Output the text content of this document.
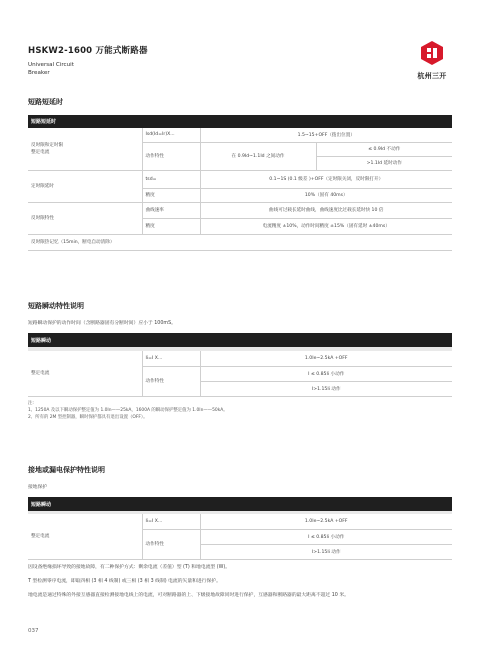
HSKW2-1600 万能式断路器
Universal Circuit
Breaker	杭州三开
短路短延时
短路短延时			
反时限和定时限
整定电流	Isd(Id=Ir)X...	1.5~15+OFF（拨出位置）	
	动作特性	在 0.9Id~1.1Id 之间动作	≤ 0.9Id 不动作
			>1.1Id 延时动作
定时限延时	tsd=	0.1~1S (0.1 级差 )+OFF（定时限关闭，反时限打开）	
	精度	10%（固有 40ms）	
反时限特性	曲线速率	曲线可过载长延时曲线，曲线速度比过载长延时快 10 倍	
	精度	电流精度 ±10%，动作时间精度 ±15%（固有延时 ±40ms）	
反时限热记忆（15min，断电自动清除）			
短路瞬动特性说明
短路瞬动保护的动作时间（含断路器固有分断时间）应小于 100mS。
短路瞬动		

整定电流	Ii=I X...	1.0Ie~2.5kA +OFF
	动作特性	I ≤ 0.85Ii 小动作
		I>1.15Ii 动作
注:
1、1250A 及以下瞬动保护整定值为 1.0In——25kA，1600A 的瞬动保护整定值为 1.0In——50kA。
2、所有的 2M 型控制器，瞬时保护都具有退出设置（OFF）。
接地或漏电保护特性说明
接地保护
短路瞬动		

整定电流	Ii=I X...	1.0Ie~2.5kA +OFF
	动作特性	I ≤ 0.85Ii 小动作
		I>1.15Ii 动作
因设备绝缘损坏导致的接地故障，有二种保护方式：剩余电流（差值）型 (T) 和地电流型 (W)。
T 型检测零序电流，即取四相 (3 相 4 线制) 或三相 (3 相 3 线制) 电流的矢量和进行保护。
地电流是通过特殊的外接互感器直接检测接地电线上的电流，可对断路器的上、下级接地故障同时进行保护，互感器和断路器的最大距离不超过 10 米。
037
